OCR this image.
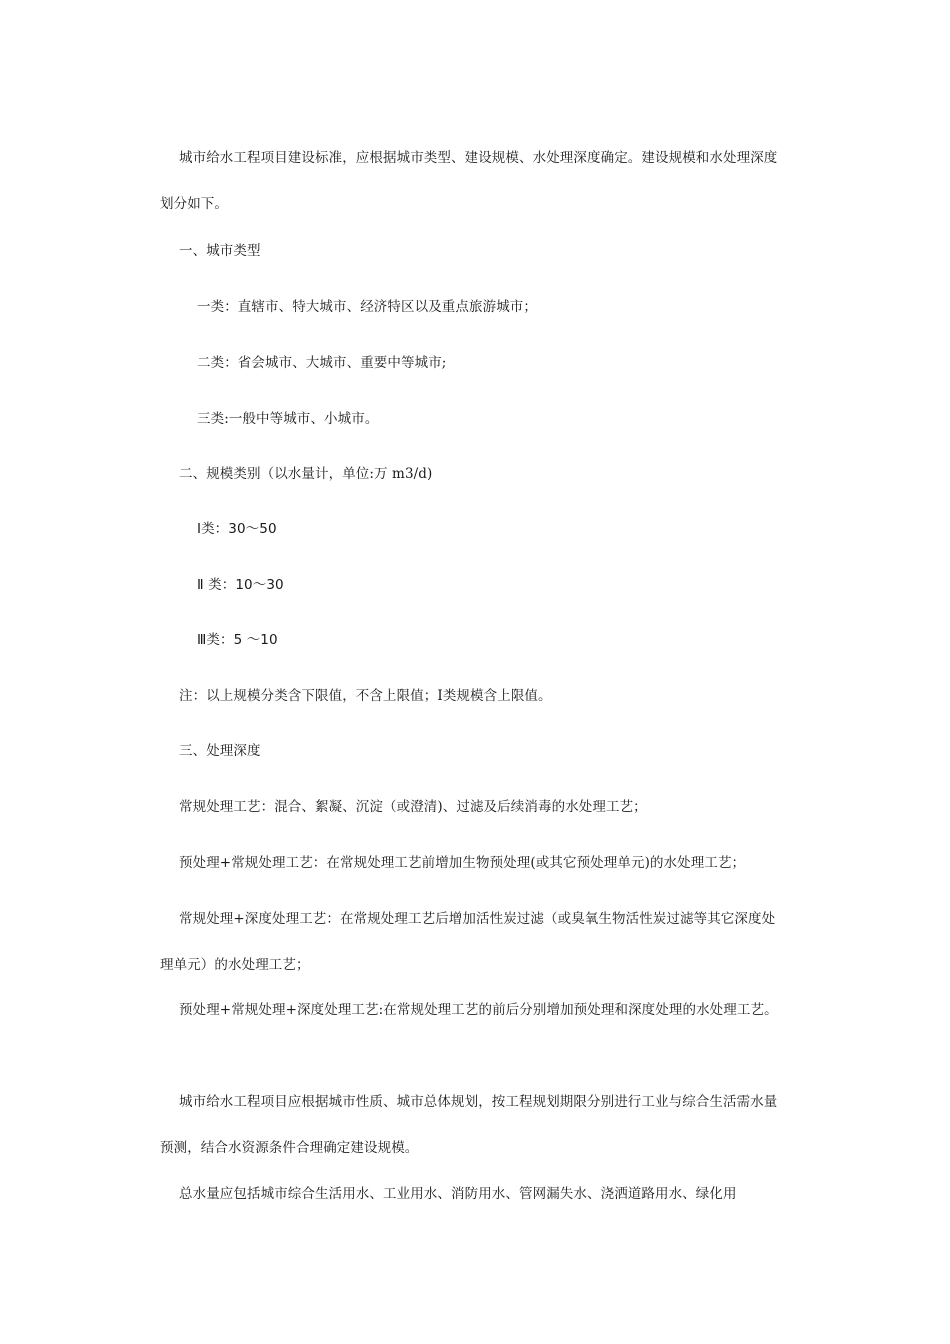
城市给水工程项目建设标准，应根据城市类型、建设规模、水处理深度确定。建设规模和水处理深度划分如下。
一、城市类型
一类：直辖市、特大城市、经济特区以及重点旅游城市；
二类：省会城市、大城市、重要中等城市;
三类:一般中等城市、小城市。
二、规模类别（以水量计，单位:万 m3/d)
Ⅰ类：30～50
Ⅱ 类：10～30
Ⅲ类：5 ～10
注：以上规模分类含下限值，不含上限值；Ⅰ类规模含上限值。
三、处理深度
常规处理工艺：混合、絮凝、沉淀（或澄清)、过滤及后续消毒的水处理工艺；
预处理+常规处理工艺：在常规处理工艺前增加生物预处理(或其它预处理单元)的水处理工艺；
常规处理+深度处理工艺：在常规处理工艺后增加活性炭过滤（或臭氧生物活性炭过滤等其它深度处理单元）的水处理工艺；
预处理+常规处理+深度处理工艺:在常规处理工艺的前后分别增加预处理和深度处理的水处理工艺。
城市给水工程项目应根据城市性质、城市总体规划，按工程规划期限分别进行工业与综合生活需水量预测，结合水资源条件合理确定建设规模。
总水量应包括城市综合生活用水、工业用水、消防用水、管网漏失水、浇洒道路用水、绿化用
